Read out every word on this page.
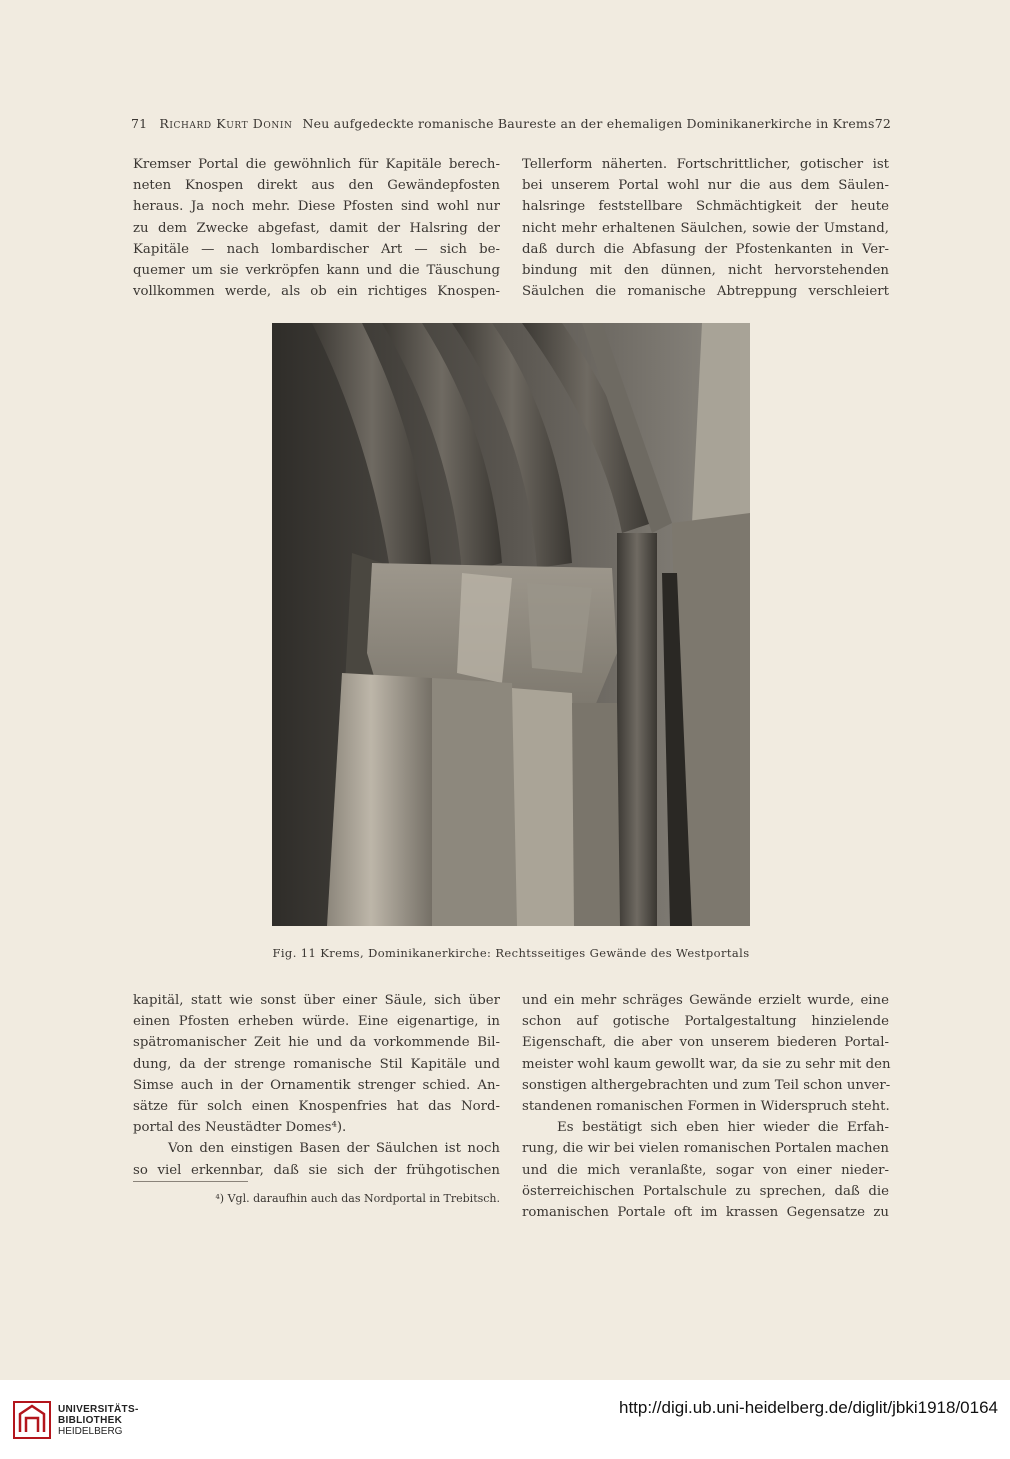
71 Richard Kurt Donin Neu aufgedeckte romanische Baureste an der ehemaligen Dominikanerkirche in Krems 72
Kremser Portal die gewöhnlich für Kapitäle berech-
neten Knospen direkt aus den Gewändepfosten
heraus. Ja noch mehr. Diese Pfosten sind wohl nur
zu dem Zwecke abgefast, damit der Halsring der
Kapitäle — nach lombardischer Art — sich be-
quemer um sie verkröpfen kann und die Täuschung
vollkommen werde, als ob ein richtiges Knospen-
Tellerform näherten. Fortschrittlicher, gotischer ist
bei unserem Portal wohl nur die aus dem Säulen-
halsringe feststellbare Schmächtigkeit der heute
nicht mehr erhaltenen Säulchen, sowie der Umstand,
daß durch die Abfasung der Pfostenkanten in Ver-
bindung mit den dünnen, nicht hervorstehenden
Säulchen die romanische Abtreppung verschleiert
Fig. 11 Krems, Dominikanerkirche: Rechtsseitiges Gewände des Westportals
kapitäl, statt wie sonst über einer Säule, sich über
einen Pfosten erheben würde. Eine eigenartige, in
spätromanischer Zeit hie und da vorkommende Bil-
dung, da der strenge romanische Stil Kapitäle und
Simse auch in der Ornamentik strenger schied. An-
sätze für solch einen Knospenfries hat das Nord-
portal des Neustädter Domes⁴).
Von den einstigen Basen der Säulchen ist noch
so viel erkennbar, daß sie sich der frühgotischen
⁴) Vgl. daraufhin auch das Nordportal in Trebitsch.
und ein mehr schräges Gewände erzielt wurde, eine
schon auf gotische Portalgestaltung hinzielende
Eigenschaft, die aber von unserem biederen Portal-
meister wohl kaum gewollt war, da sie zu sehr mit den
sonstigen althergebrachten und zum Teil schon unver-
standenen romanischen Formen in Widerspruch steht.
Es bestätigt sich eben hier wieder die Erfah-
rung, die wir bei vielen romanischen Portalen machen
und die mich veranlaßte, sogar von einer nieder-
österreichischen Portalschule zu sprechen, daß die
romanischen Portale oft im krassen Gegensatze zu
UNIVERSITÄTS-
BIBLIOTHEK
HEIDELBERG
http://digi.ub.uni-heidelberg.de/diglit/jbki1918/0164
